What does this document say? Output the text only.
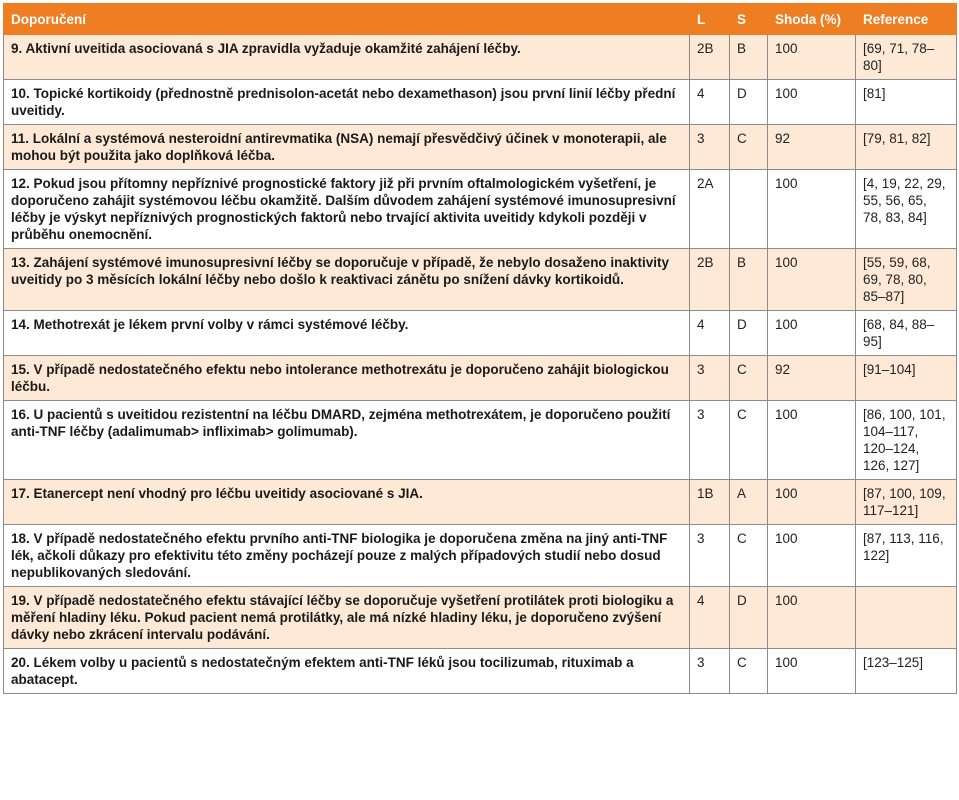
Doporučení	L	S	Shoda (%)	Reference
9. Aktivní uveitida asociovaná s JIA zpravidla vyžaduje okamžité zahájení léčby.	2B	B	100	[69, 71, 78–80]
10. Topické kortikoidy (přednostně prednisolon-acetát nebo dexamethason) jsou první linií léčby přední uveitidy.	4	D	100	[81]
11. Lokální a systémová nesteroidní antirevmatika (NSA) nemají přesvědčivý účinek v monoterapii, ale mohou být použita jako doplňková léčba.	3	C	92	[79, 81, 82]
12. Pokud jsou přítomny nepříznivé prognostické faktory již při prvním oftalmologickém vyšetření, je doporučeno zahájit systémovou léčbu okamžitě. Dalším důvodem zahájení systémové imunosupresivní léčby je výskyt nepříznivých prognostických faktorů nebo trvající aktivita uveitidy kdykoli později v průběhu onemocnění.	2A		100	[4, 19, 22, 29, 55, 56, 65, 78, 83, 84]
13. Zahájení systémové imunosupresivní léčby se doporučuje v případě, že nebylo dosaženo inaktivity uveitidy po 3 měsících lokální léčby nebo došlo k reaktivaci zánětu po snížení dávky kortikoidů.	2B	B	100	[55, 59, 68, 69, 78, 80, 85–87]
14. Methotrexát je lékem první volby v rámci systémové léčby.	4	D	100	[68, 84, 88–95]
15. V případě nedostatečného efektu nebo intolerance methotrexátu je doporučeno zahájit biologickou léčbu.	3	C	92	[91–104]
16. U pacientů s uveitidou rezistentní na léčbu DMARD, zejména methotrexátem, je doporučeno použití anti-TNF léčby (adalimumab> infliximab> golimumab).	3	C	100	[86, 100, 101, 104–117, 120–124, 126, 127]
17. Etanercept není vhodný pro léčbu uveitidy asociované s JIA.	1B	A	100	[87, 100, 109, 117–121]
18. V případě nedostatečného efektu prvního anti-TNF biologika je doporučena změna na jiný anti-TNF lék, ačkoli důkazy pro efektivitu této změny pocházejí pouze z malých případových studií nebo dosud nepublikovaných sledování.	3	C	100	[87, 113, 116, 122]
19. V případě nedostatečného efektu stávající léčby se doporučuje vyšetření protilátek proti biologiku a měření hladiny léku. Pokud pacient nemá protilátky, ale má nízké hladiny léku, je doporučeno zvýšení dávky nebo zkrácení intervalu podávání.	4	D	100	
20. Lékem volby u pacientů s nedostatečným efektem anti-TNF léků jsou tocilizumab, rituximab a abatacept.	3	C	100	[123–125]
